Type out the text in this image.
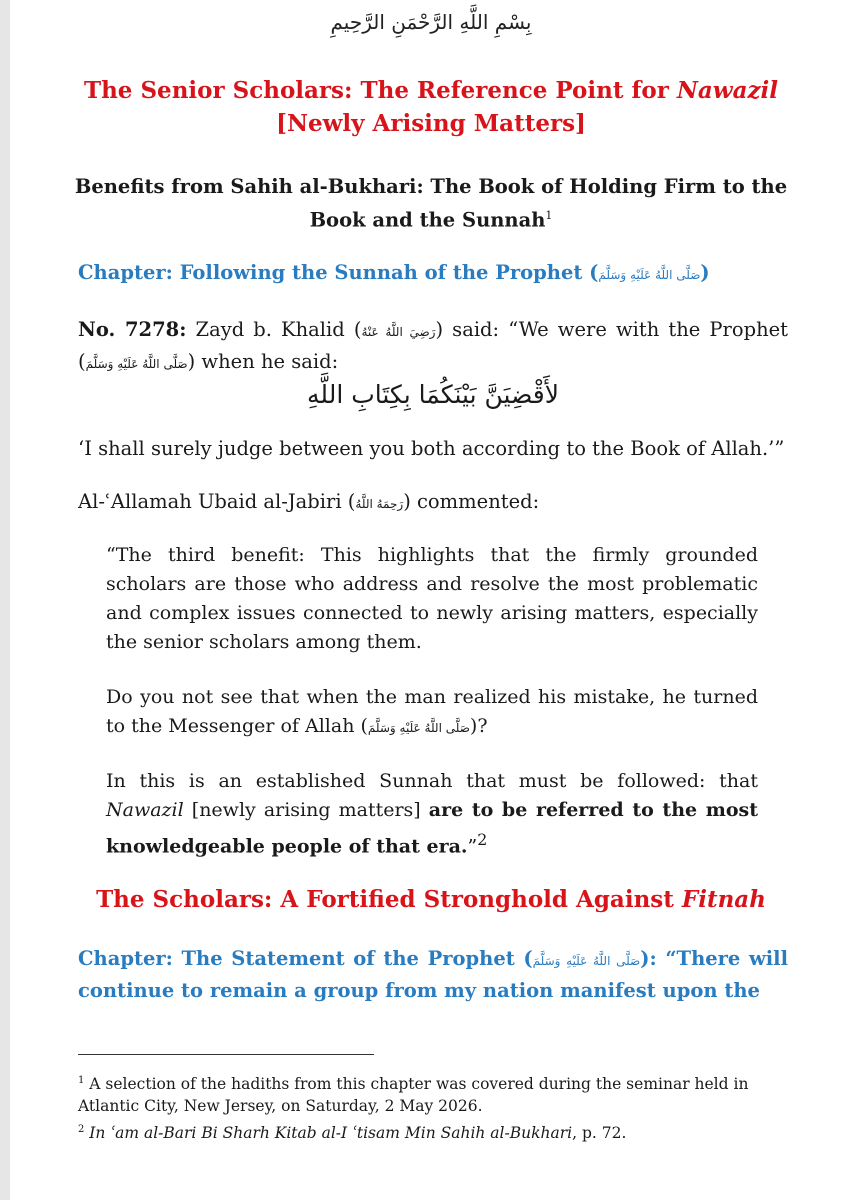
بِسْمِ اللَّهِ الرَّحْمَنِ الرَّحِيمِ
The Senior Scholars: The Reference Point for Nawazil
[Newly Arising Matters]
Benefits from Sahih al-Bukhari: The Book of Holding Firm to the Book and the Sunnah$^1$
Chapter: Following the Sunnah of the Prophet (صَلَّى اللَّهُ عَلَيْهِ وَسَلَّمَ)
No. 7278: Zayd b. Khalid (رَضِيَ اللَّهُ عَنْهُ) said: “We were with the Prophet (صَلَّى اللَّهُ عَلَيْهِ وَسَلَّمَ) when he said:
لأَقْضِيَنَّ بَيْنَكُمَا بِكِتَابِ اللَّهِ
‘I shall surely judge between you both according to the Book of Allah.’”
Al-ʿAllamah Ubaid al-Jabiri (رَحِمَهُ اللَّهُ) commented:
“The third benefit: This highlights that the firmly grounded scholars are those who address and resolve the most problematic and complex issues connected to newly arising matters, especially the senior scholars among them.
Do you not see that when the man realized his mistake, he turned to the Messenger of Allah (صَلَّى اللَّهُ عَلَيْهِ وَسَلَّمَ)?
In this is an established Sunnah that must be followed: that Nawazil [newly arising matters] are to be referred to the most knowledgeable people of that era.”$^2$
The Scholars: A Fortified Stronghold Against Fitnah
Chapter: The Statement of the Prophet (صَلَّى اللَّهُ عَلَيْهِ وَسَلَّمَ): “There will continue to remain a group from my nation manifest upon the
$^1$ A selection of the hadiths from this chapter was covered during the seminar held in Atlantic City, New Jersey, on Saturday, 2 May 2026.
$^2$ In ʿam al-Bari Bi Sharh Kitab al-I ʿtisam Min Sahih al-Bukhari, p. 72.
